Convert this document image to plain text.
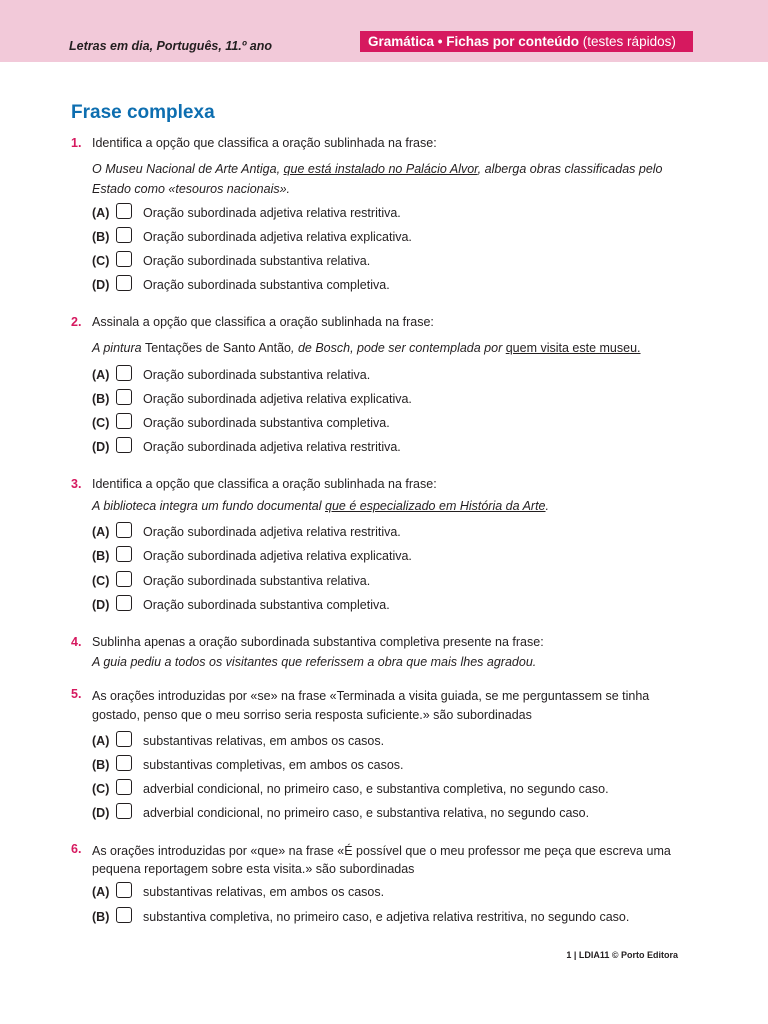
Letras em dia, Português, 11.º ano	Gramática • Fichas por conteúdo (testes rápidos)
Frase complexa
1. Identifica a opção que classifica a oração sublinhada na frase:
O Museu Nacional de Arte Antiga, que está instalado no Palácio Alvor, alberga obras classificadas pelo Estado como «tesouros nacionais».
(A)	Oração subordinada adjetiva relativa restritiva.
(B)	Oração subordinada adjetiva relativa explicativa.
(C)	Oração subordinada substantiva relativa.
(D)	Oração subordinada substantiva completiva.
2. Assinala a opção que classifica a oração sublinhada na frase:
A pintura Tentações de Santo Antão, de Bosch, pode ser contemplada por quem visita este museu.
(A)	Oração subordinada substantiva relativa.
(B)	Oração subordinada adjetiva relativa explicativa.
(C)	Oração subordinada substantiva completiva.
(D)	Oração subordinada adjetiva relativa restritiva.
3. Identifica a opção que classifica a oração sublinhada na frase:
A biblioteca integra um fundo documental que é especializado em História da Arte.
(A)	Oração subordinada adjetiva relativa restritiva.
(B)	Oração subordinada adjetiva relativa explicativa.
(C)	Oração subordinada substantiva relativa.
(D)	Oração subordinada substantiva completiva.
4. Sublinha apenas a oração subordinada substantiva completiva presente na frase:
A guia pediu a todos os visitantes que referissem a obra que mais lhes agradou.
5. As orações introduzidas por «se» na frase «Terminada a visita guiada, se me perguntassem se tinha gostado, penso que o meu sorriso seria resposta suficiente.» são subordinadas
(A)	substantivas relativas, em ambos os casos.
(B)	substantivas completivas, em ambos os casos.
(C)	adverbial condicional, no primeiro caso, e substantiva completiva, no segundo caso.
(D)	adverbial condicional, no primeiro caso, e substantiva relativa, no segundo caso.
6. As orações introduzidas por «que» na frase «É possível que o meu professor me peça que escreva uma pequena reportagem sobre esta visita.» são subordinadas
(A)	substantivas relativas, em ambos os casos.
(B)	substantiva completiva, no primeiro caso, e adjetiva relativa restritiva, no segundo caso.
1 | LDIA11 © Porto Editora
